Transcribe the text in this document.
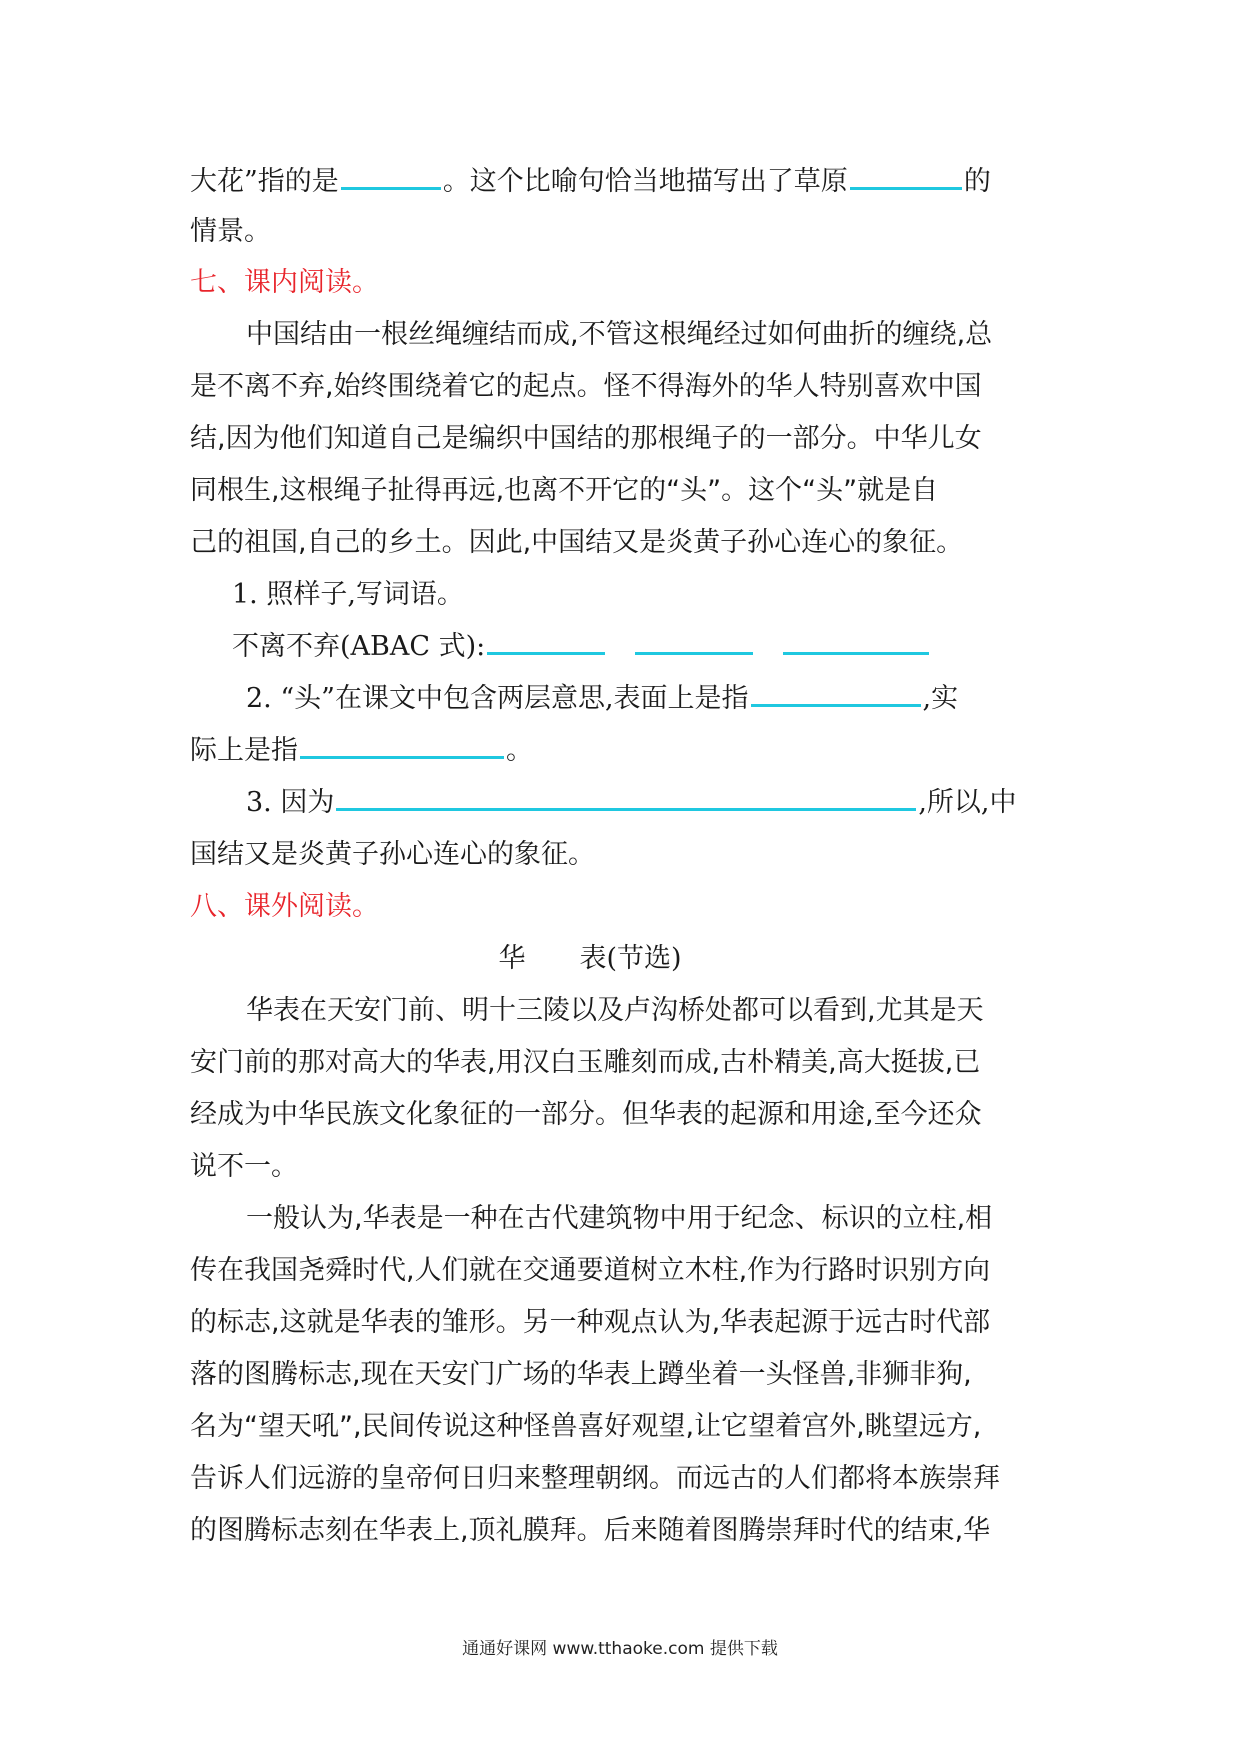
大花”指的是	。这个比喻句恰当地描写出了草原	的
情景。
七、课内阅读。
中国结由一根丝绳缠结而成,不管这根绳经过如何曲折的缠绕,总
是不离不弃,始终围绕着它的起点。怪不得海外的华人特别喜欢中国
结,因为他们知道自己是编织中国结的那根绳子的一部分。中华儿女
同根生,这根绳子扯得再远,也离不开它的“头”。这个“头”就是自
己的祖国,自己的乡土。因此,中国结又是炎黄子孙心连心的象征。
1. 照样子,写词语。
不离不弃(ABAC 式):
2. “头”在课文中包含两层意思,表面上是指	,实
际上是指	。
3. 因为	,所以,中
国结又是炎黄子孙心连心的象征。
八、课外阅读。
华　　表(节选)
华表在天安门前、明十三陵以及卢沟桥处都可以看到,尤其是天
安门前的那对高大的华表,用汉白玉雕刻而成,古朴精美,高大挺拔,已
经成为中华民族文化象征的一部分。但华表的起源和用途,至今还众
说不一。
一般认为,华表是一种在古代建筑物中用于纪念、标识的立柱,相
传在我国尧舜时代,人们就在交通要道树立木柱,作为行路时识别方向
的标志,这就是华表的雏形。另一种观点认为,华表起源于远古时代部
落的图腾标志,现在天安门广场的华表上蹲坐着一头怪兽,非狮非狗,
名为“望天吼”,民间传说这种怪兽喜好观望,让它望着宫外,眺望远方,
告诉人们远游的皇帝何日归来整理朝纲。而远古的人们都将本族崇拜
的图腾标志刻在华表上,顶礼膜拜。后来随着图腾崇拜时代的结束,华
通通好课网 www.tthaoke.com 提供下载
